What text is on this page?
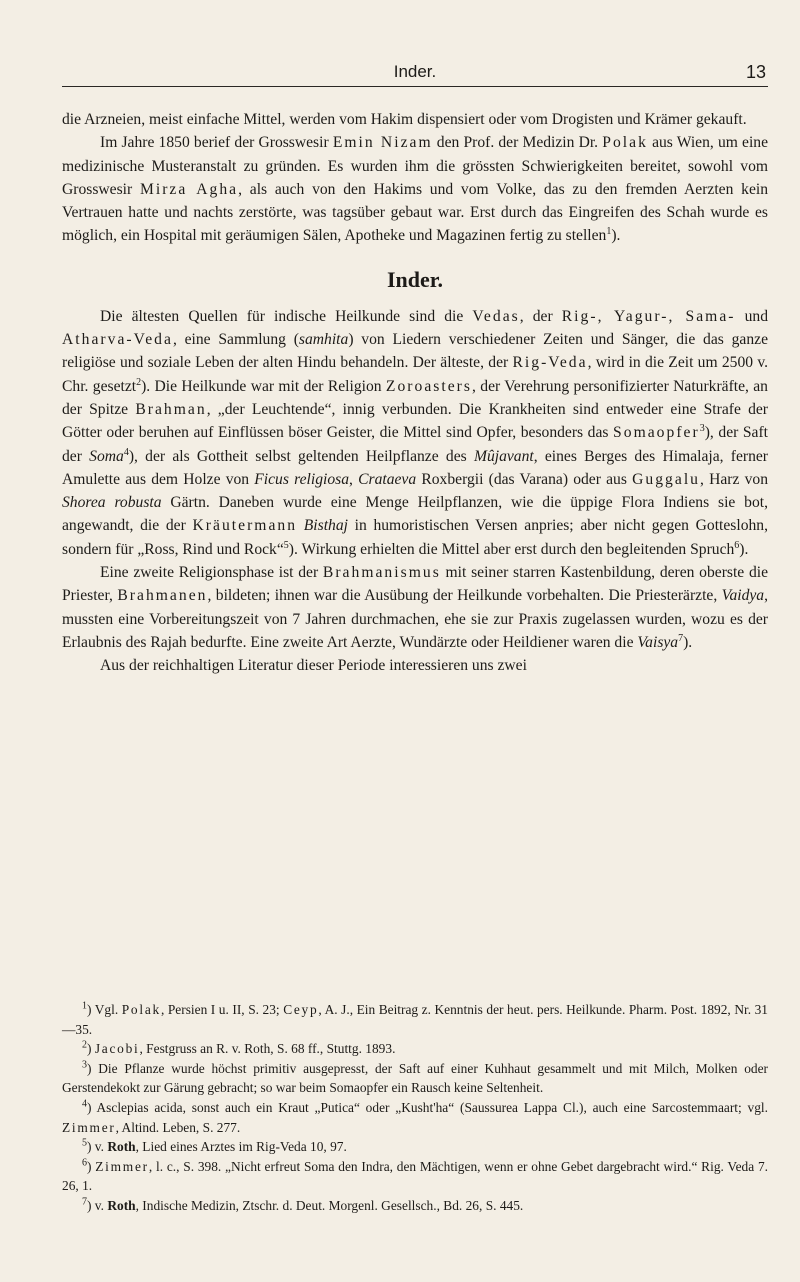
Inder.	13

die Arzneien, meist einfache Mittel, werden vom Hakim dispensiert oder vom Drogisten und Krämer gekauft.

Im Jahre 1850 berief der Grosswesir Emin Nizam den Prof. der Medizin Dr. Polak aus Wien, um eine medizinische Musteranstalt zu gründen. Es wurden ihm die grössten Schwierigkeiten bereitet, sowohl vom Grosswesir Mirza Agha, als auch von den Hakims und vom Volke, das zu den fremden Aerzten kein Vertrauen hatte und nachts zerstörte, was tagsüber gebaut war. Erst durch das Eingreifen des Schah wurde es möglich, ein Hospital mit geräumigen Sälen, Apotheke und Magazinen fertig zu stellen$^1$).

Inder.

Die ältesten Quellen für indische Heilkunde sind die Vedas, der Rig-, Yagur-, Sama- und Atharva-Veda, eine Sammlung (samhita) von Liedern verschiedener Zeiten und Sänger, die das ganze religiöse und soziale Leben der alten Hindu behandeln. Der älteste, der Rig-Veda, wird in die Zeit um 2500 v. Chr. gesetzt$^2$). Die Heilkunde war mit der Religion Zoroasters, der Verehrung personifizierter Naturkräfte, an der Spitze Brahman, „der Leuchtende“, innig verbunden. Die Krankheiten sind entweder eine Strafe der Götter oder beruhen auf Einflüssen böser Geister, die Mittel sind Opfer, besonders das Somaopfer$^3$), der Saft der Soma$^4$), der als Gottheit selbst geltenden Heilpflanze des Mûjavant, eines Berges des Himalaja, ferner Amulette aus dem Holze von Ficus religiosa, Crataeva Roxbergii (das Varana) oder aus Guggalu, Harz von Shorea robusta Gärtn. Daneben wurde eine Menge Heilpflanzen, wie die üppige Flora Indiens sie bot, angewandt, die der Kräutermann Bisthaj in humoristischen Versen anpries; aber nicht gegen Gotteslohn, sondern für „Ross, Rind und Rock“$^5$). Wirkung erhielten die Mittel aber erst durch den begleitenden Spruch$^6$).

Eine zweite Religionsphase ist der Brahmanismus mit seiner starren Kastenbildung, deren oberste die Priester, Brahmanen, bildeten; ihnen war die Ausübung der Heilkunde vorbehalten. Die Priesterärzte, Vaidya, mussten eine Vorbereitungszeit von 7 Jahren durchmachen, ehe sie zur Praxis zugelassen wurden, wozu es der Erlaubnis des Rajah bedurfte. Eine zweite Art Aerzte, Wundärzte oder Heildiener waren die Vaisya$^7$).

Aus der reichhaltigen Literatur dieser Periode interessieren uns zwei

$^1$) Vgl. Polak, Persien I u. II, S. 23; Ceyp, A. J., Ein Beitrag z. Kenntnis der heut. pers. Heilkunde. Pharm. Post. 1892, Nr. 31—35.

$^2$) Jacobi, Festgruss an R. v. Roth, S. 68 ff., Stuttg. 1893.

$^3$) Die Pflanze wurde höchst primitiv ausgepresst, der Saft auf einer Kuhhaut gesammelt und mit Milch, Molken oder Gerstendekokt zur Gärung gebracht; so war beim Somaopfer ein Rausch keine Seltenheit.

$^4$) Asclepias acida, sonst auch ein Kraut „Putica“ oder „Kusht'ha“ (Saussurea Lappa Cl.), auch eine Sarcostemmaart; vgl. Zimmer, Altind. Leben, S. 277.

$^5$) v. Roth, Lied eines Arztes im Rig-Veda 10, 97.

$^6$) Zimmer, l. c., S. 398. „Nicht erfreut Soma den Indra, den Mächtigen, wenn er ohne Gebet dargebracht wird.“ Rig. Veda 7. 26, 1.

$^7$) v. Roth, Indische Medizin, Ztschr. d. Deut. Morgenl. Gesellsch., Bd. 26, S. 445.
